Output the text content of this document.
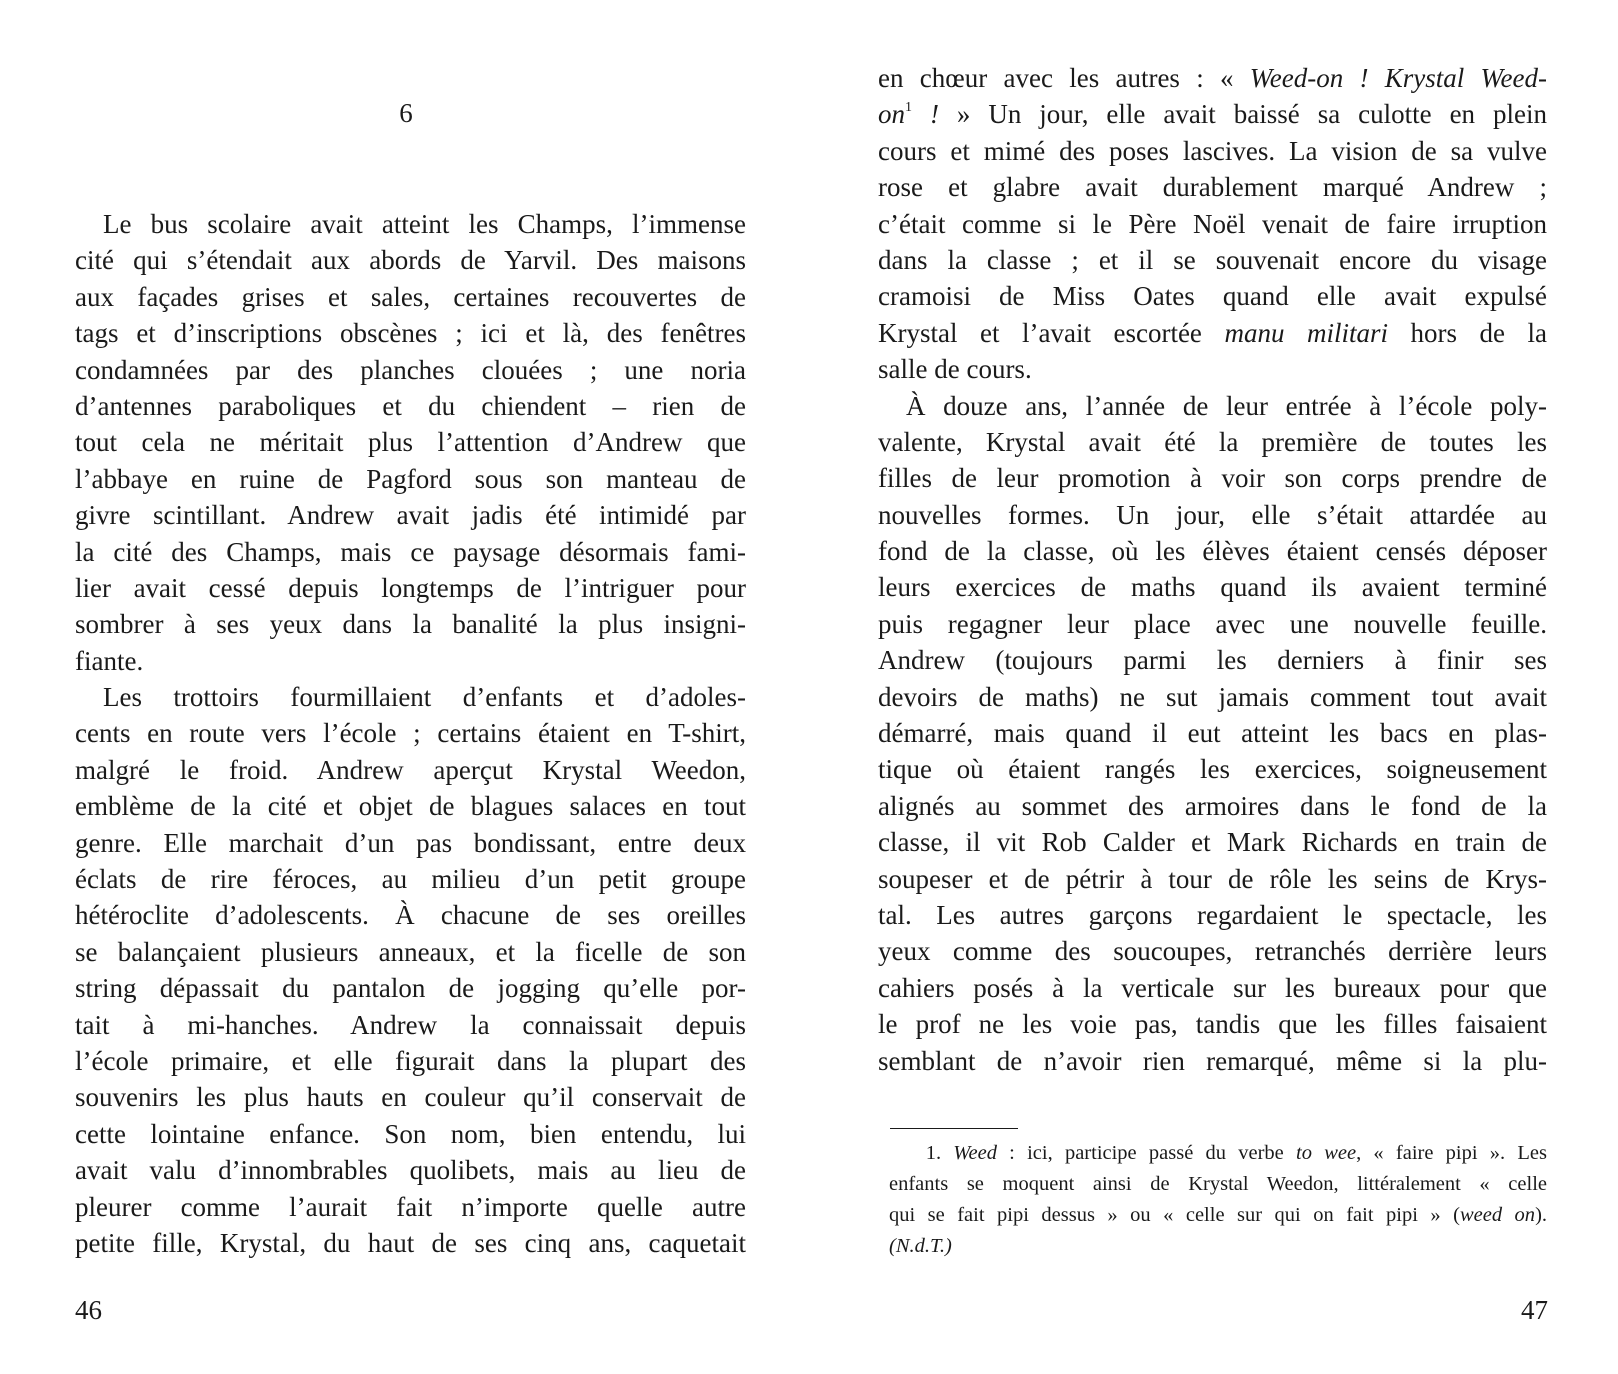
6

Le bus scolaire avait atteint les Champs, l’immense

cité qui s’étendait aux abords de Yarvil. Des maisons
aux façades grises et sales, certaines recouvertes de
tags et d’inscriptions obscènes ; ici et là, des fenêtres
condamnées par des planches clouées ; une noria
d’antennes paraboliques et du chiendent – rien de
tout cela ne méritait plus l’attention d’Andrew que
l’abbaye en ruine de Pagford sous son manteau de
givre scintillant. Andrew avait jadis été intimidé par
la cité des Champs, mais ce paysage désormais fami-
lier avait cessé depuis longtemps de l’intriguer pour
sombrer à ses yeux dans la banalité la plus insigni-
fiante.

Les trottoirs fourmillaient d’enfants et d’adoles-

cents en route vers l’école ; certains étaient en T-shirt,
malgré le froid. Andrew aperçut Krystal Weedon,
emblème de la cité et objet de blagues salaces en tout
genre. Elle marchait d’un pas bondissant, entre deux
éclats de rire féroces, au milieu d’un petit groupe
hétéroclite d’adolescents. À chacune de ses oreilles
se balançaient plusieurs anneaux, et la ficelle de son
string dépassait du pantalon de jogging qu’elle por-
tait à mi-hanches. Andrew la connaissait depuis
l’école primaire, et elle figurait dans la plupart des
souvenirs les plus hauts en couleur qu’il conservait de
cette lointaine enfance. Son nom, bien entendu, lui
avait valu d’innombrables quolibets, mais au lieu de
pleurer comme l’aurait fait n’importe quelle autre
petite fille, Krystal, du haut de ses cinq ans, caquetait
46
en chœur avec les autres : « Weed-on ! Krystal Weed-
$on^1$ ! » Un jour, elle avait baissé sa culotte en plein
cours et mimé des poses lascives. La vision de sa vulve
rose et glabre avait durablement marqué Andrew ;
c’était comme si le Père Noël venait de faire irruption
dans la classe ; et il se souvenait encore du visage
cramoisi de Miss Oates quand elle avait expulsé
Krystal et l’avait escortée manu militari hors de la
salle de cours.

À douze ans, l’année de leur entrée à l’école poly-

valente, Krystal avait été la première de toutes les
filles de leur promotion à voir son corps prendre de
nouvelles formes. Un jour, elle s’était attardée au
fond de la classe, où les élèves étaient censés déposer
leurs exercices de maths quand ils avaient terminé
puis regagner leur place avec une nouvelle feuille.
Andrew (toujours parmi les derniers à finir ses
devoirs de maths) ne sut jamais comment tout avait
démarré, mais quand il eut atteint les bacs en plas-
tique où étaient rangés les exercices, soigneusement
alignés au sommet des armoires dans le fond de la
classe, il vit Rob Calder et Mark Richards en train de
soupeser et de pétrir à tour de rôle les seins de Krys-
tal. Les autres garçons regardaient le spectacle, les
yeux comme des soucoupes, retranchés derrière leurs
cahiers posés à la verticale sur les bureaux pour que
le prof ne les voie pas, tandis que les filles faisaient
semblant de n’avoir rien remarqué, même si la plu-
1. Weed : ici, participe passé du verbe to wee, « faire pipi ». Les
enfants se moquent ainsi de Krystal Weedon, littéralement « celle
qui se fait pipi dessus » ou « celle sur qui on fait pipi » (weed on).
(N.d.T.)
47
